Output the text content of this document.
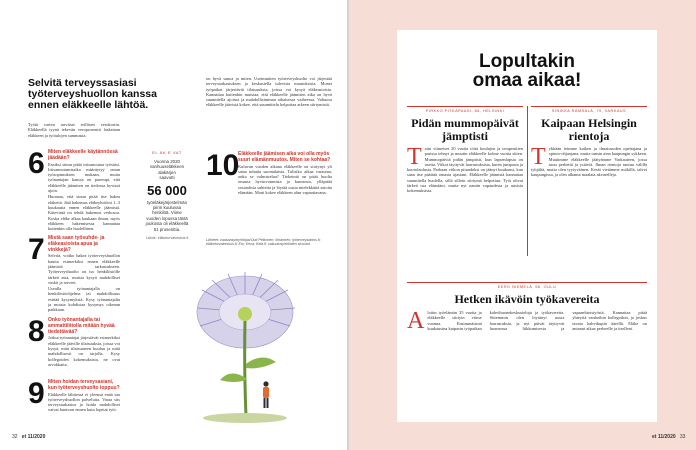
Selvitä terveyssasiasi työterveyshuollon kanssa ennen eläkkeelle lähtöä.
Työtä varten tarvitset erillisen verokortin. Eläkkeellä tyynä tekevän veroprosentti lasketaan eläkkeen ja työtulojen summasta.
6 Miten eläkkeelle käytännössä jäädään?
Ensiksi sinun pitää irtisanoutua työstäsi. Irtisanoutumisaika määräytyy oman työsopimuksen mukaan, mutta työnantajan kanssa on parempi, että eläkkeelle jäämisen on tiedossa hyvissä ajoin.
Huomaa, että sinun pitää itse hakea eläkettä. Jätä hakemus eläkeyhtiöösi 1–3 kuukautta ennen eläkkeelle jäämistä. Kätevintä on tehdä hakemus verkossa. Koska eläke alkaa kaukaan ilman, myös eläkkeen hakemisessa kannattaa kuitenkin olla huolellinen.
7 Mistä saan työsuhde- ja eläkeasioista apua ja vinkkejä?
Selvitä, voitko hakea työterveyshuollon kautta esimerkiksi ennen eläkkeelle jäämistä tarkastukseen. Työterveyshuolto on iso henkilöstölle tärkeä asia, muista kysyä mahdolliset vinkit ja toiveet.
Usealla työnantajalla on henkilöstöohjelma tai mahdollisuus esittää kysymyksiä. Kysy työnantajalta ja muista kohdistaa kysymys oikeaan paikkaan.
8 Onko työnantajalla tai ammattiliitolla mitään hyvää tiedettävää?
Jotkut työnantajat järjestävät esimerkiksi eläkkeelle jääville tilaisuuksia, joissa voi kysyä, mitä tilaisuuteen kuuluu ja mitä mahdollisesti on tarjolla. Kysy kollegoiden kokemuksista, ne ovat arvokkaita.
9 Miten hoidan terveysasiani, kun työterveyshuolto loppuu?
Eläkkeelle lähtiessä ei yleensä enää saa työterveyshuollon palveluita. Varaa siis terveystarkastus ja hoida mahdolliset vaivat kuntoon ennen kuin lopetat työt.
EL ÄK E VAT
Vuonna 2020
vanhuuseläkkeen
alakärjen
saavutti
56 000
työeläkejärjestelmän
piirin kuuluvaa
henkilöä. Viime
vuoden lopussa tästä
joukosta oli eläkkeellä
51 prosenttia.
Lähde: eläketurvakeskus.fi
on hyvä sanoa ja miten. Useimmiten työterveyshuolto voi järjestää terveystarkastuksen ja keskustella tulevista muutoksista. Monet työpaikat järjestävät tilaisuuksia, joissa voi kysyä eläkeasioista. Kannattaa kuitenkin muistaa, että eläkkeelle jäämisen aika on hyvä suunnitella ajoissa ja mahdollisimman aikaisessa vaiheessa. Valtaosa eläkkeelle jäävistä kokee, että suunnittelu helpottaa arkeen siirtymistä.
10
Eläkkeelle jäämisen aika voi olla myös suuri elämänmuutos. Miten se kohtaa?
Kuluvan vuoden aikana eläkkeelle on siirtynyt yli sataa tuhatta suomalaista. Tulisiko aikaa varautua, onko se valmistelua? Tärkeintä on pitää huolta omasta hyvinvoinnista ja kunnosta, ylläpitää sosiaalisia suhteita ja löytää uusia mielekkäitä asioita elämään. Moni kokee eläkkeen alun vapauttavana.
Lähteet: vaasansyntyhtiöpa/Outi Pelkonen; Ilmarinen; työterveyslaitos.fi; eläketurvakeskus.fi; Elo; Keva; Kela.fi; vakuutusyhtiöiden sivustot.
32 et 11/2020
Lopultakin
omaa aikaa!
PIRKKO PITKÄPAASI, 66, HELSINKI
Pidän mummopäivät
jämptisti
Taini viimeiset 20 vuotta töitä koulujen ja terapeuttien parissa tehnyt ja muutin eläkkeelle kolme vuotta sitten. Mummopäiviä pidän jämptisti, kun lapsenlapsia on useita. Viikot täyttyvät harrastuksista, kuten jumpasta ja kuorolaulusta. Parhaan viikon pituudeksi on jäänyt kuukausi, kun saan itse päättää omasta ajastani. Eläkkeelle jäämistä kannattaa suunnitella huolella, sillä silloin siirtymä helpottuu. Työt olivat tärkeä osa elämääni, mutta nyt nautin vapaudesta ja uusista kokemuksista.
SINIKKA RÄMSÄLÄ, 79, VARKAUS
Kaipaan Helsingin
rientoja
Tykkään teimme kaiken ja ilmaisuuden opettajana ja opinto-ohjaajana, mutta tunsin aina kaupungin sykkeen. Muutimme eläkkeelle jäätyämme Varkauteen, jossa asuu perhettä ja ystäviä. Ilman rientoja tuntuu välillä tyhjältä, mutta olen tyytyväinen. Kesät vietämme mökillä, talvet kaupungissa, ja olen alkanut maalata akvarelleja.
EERO NIEMELÄ, 66, OULU
Hetken ikävöin työkavereita
Aloitin työelämän 35 vuotta ja eläkkeelle siirtyin viime vuonna. Ensimmäisinä kuukausina kaipasin työpaikan kahvihuonekeskusteluja ja työkavereita. Sittemmin olen löytänyt uusia harrastuksia, ja nyt päivät täyttyvät luonnossa liikkumisesta ja vapaaehtoistyöstä. Kannattaa pitää yhteyttä vanhoihin kollegoihin, ja joskus tavata kahvikupin äärellä. Eläke on antanut aikaa perheelle ja itselleni.
et 11/2020 33
